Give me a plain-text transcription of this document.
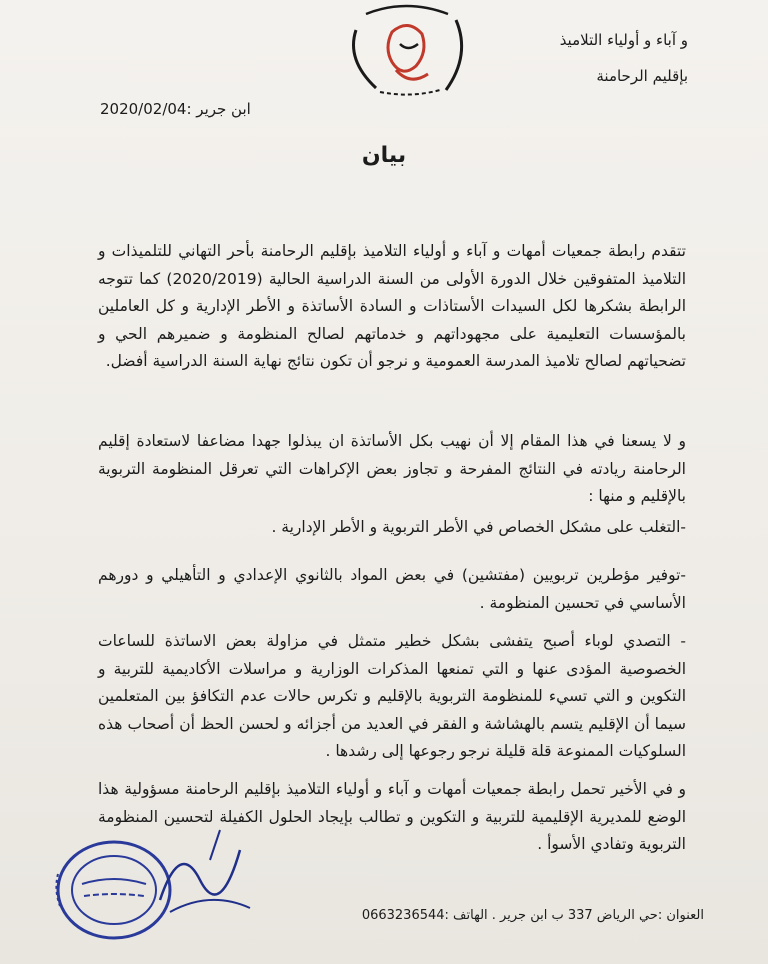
و آباء و أولياء التلاميذ
بإقليم الرحامنة
ابن جرير :2020/02/04
بيان
تتقدم رابطة جمعيات أمهات و آباء و أولياء التلاميذ بإقليم الرحامنة بأحر التهاني للتلميذات و التلاميذ المتفوقين خلال الدورة الأولى من السنة الدراسية الحالية (2020/2019) كما تتوجه الرابطة بشكرها لكل السيدات الأستاذات و السادة الأساتذة و الأطر الإدارية و كل العاملين بالمؤسسات التعليمية على مجهوداتهم و خدماتهم لصالح المنظومة و ضميرهم الحي و تضحياتهم لصالح تلاميذ المدرسة العمومية و نرجو أن تكون نتائج نهاية السنة الدراسية أفضل.
و لا يسعنا في هذا المقام إلا أن نهيب بكل الأساتذة ان يبذلوا جهدا مضاعفا لاستعادة إقليم الرحامنة ريادته في النتائج المفرحة و تجاوز بعض الإكراهات التي تعرقل المنظومة التربوية بالإقليم و منها :
-التغلب على مشكل الخصاص في الأطر التربوية و الأطر الإدارية .
-توفير مؤطرين تربويين (مفتشين) في بعض المواد بالثانوي الإعدادي و التأهيلي و دورهم الأساسي في تحسين المنظومة .
- التصدي لوباء أصبح يتفشى بشكل خطير متمثل في مزاولة بعض الاساتذة للساعات الخصوصية المؤدى عنها و التي تمنعها المذكرات الوزارية و مراسلات الأكاديمية للتربية و التكوين و التي تسيء للمنظومة التربوية بالإقليم و تكرس حالات عدم التكافؤ بين المتعلمين سيما أن الإقليم يتسم بالهشاشة و الفقر في العديد من أجزائه و لحسن الحظ أن أصحاب هذه السلوكيات الممنوعة قلة قليلة نرجو رجوعها إلى رشدها .
و في الأخير تحمل رابطة جمعيات أمهات و آباء و أولياء التلاميذ بإقليم الرحامنة مسؤولية هذا الوضع للمديرية الإقليمية للتربية و التكوين و تطالب بإيجاد الحلول الكفيلة لتحسين المنظومة التربوية وتفادي الأسوأ .
العنوان :حي الرياض 337 ب ابن جرير . الهاتف :0663236544
